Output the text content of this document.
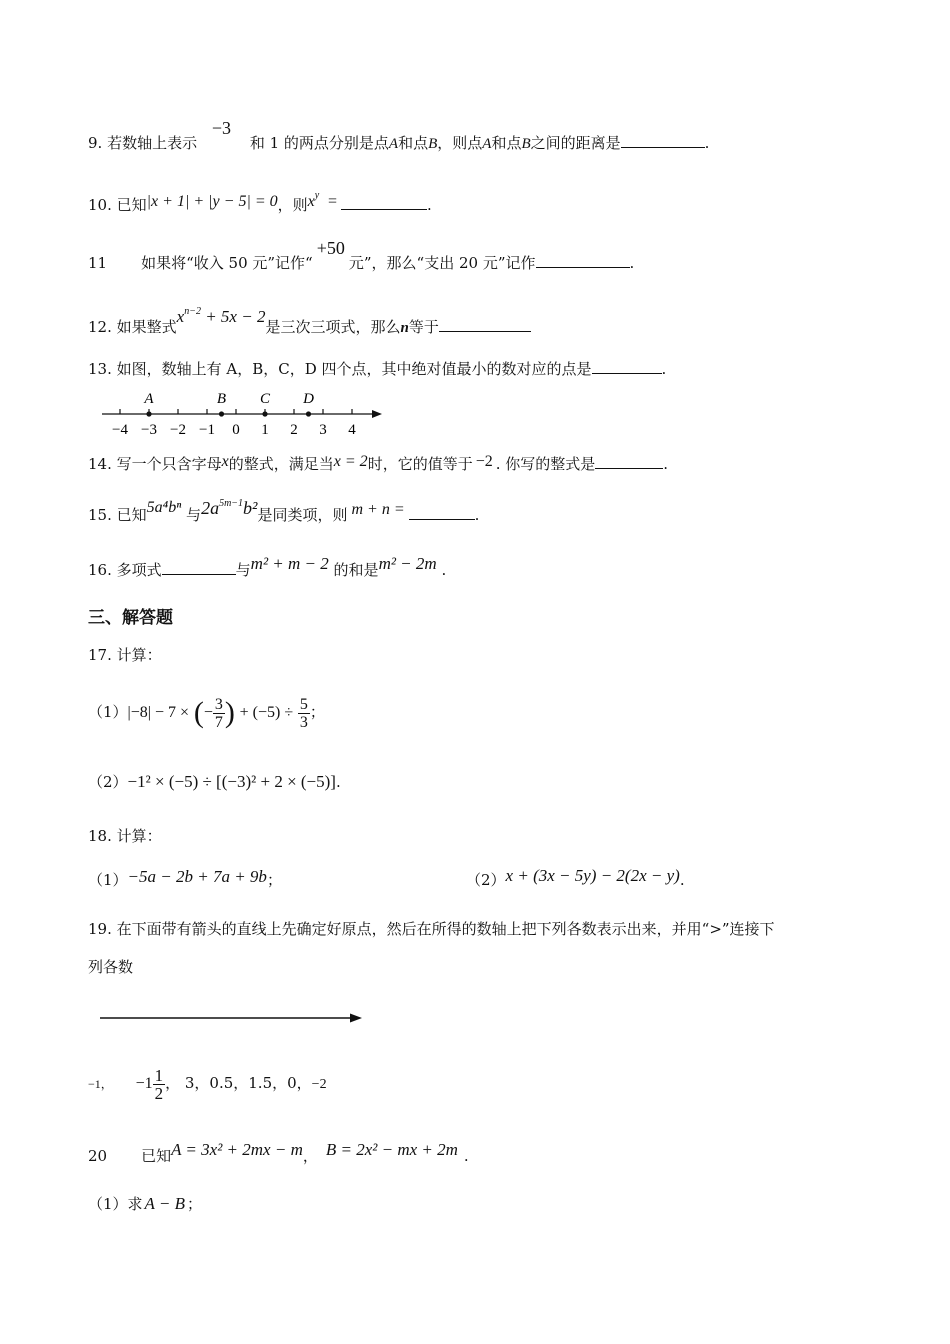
9. 若数轴上表示 −3 和 1 的两点分别是点A和点B，则点A和点B之间的距离是	.
10. 已知|x + 1| + |y − 5| = 0，则$x^y$ =	.
11 如果将“收入 50 元”记作“+50元”，那么“支出 20 元”记作	.
12. 如果整式$x^{n-2} + 5x - 2$是三次三项式，那么n等于
13. 如图，数轴上有 A，B，C，D 四个点，其中绝对值最小的数对应的点是	.
−4 −3 −2 −1 0 1 2 3 4
A	B C D
14. 写一个只含字母x的整式，满足当x = 2时，它的值等于 −2 . 你写的整式是	.
15. 已知5a⁴bⁿ 与$2a^{5m-1}b^2$是同类项，则 m + n =	.
16. 多项式	与m² + m − 2 的和是m² − 2m .
三、解答题
17. 计算：
（1）|−8| − 7 × (− $\frac{3}{7}$ ) + $(-5) \div \frac{5}{3}$ ；
（2）−1² × (−5) ÷ [(−3)² + 2 × (−5)].
18. 计算：
（1）−5a − 2b + 7a + 9b；	（2）x + (3x − 5y) − 2(2x − y).
19. 在下面带有箭头的直线上先确定好原点，然后在所得的数轴上把下列各数表示出来，并用“>”连接下
列各数
−1， $-1 \frac{1}{2}$ ， 3，0.5，1.5，0，−2
20 已知A = 3x² + 2mx − m， B = 2x² − mx + 2m .
（1）求 A − B ；
